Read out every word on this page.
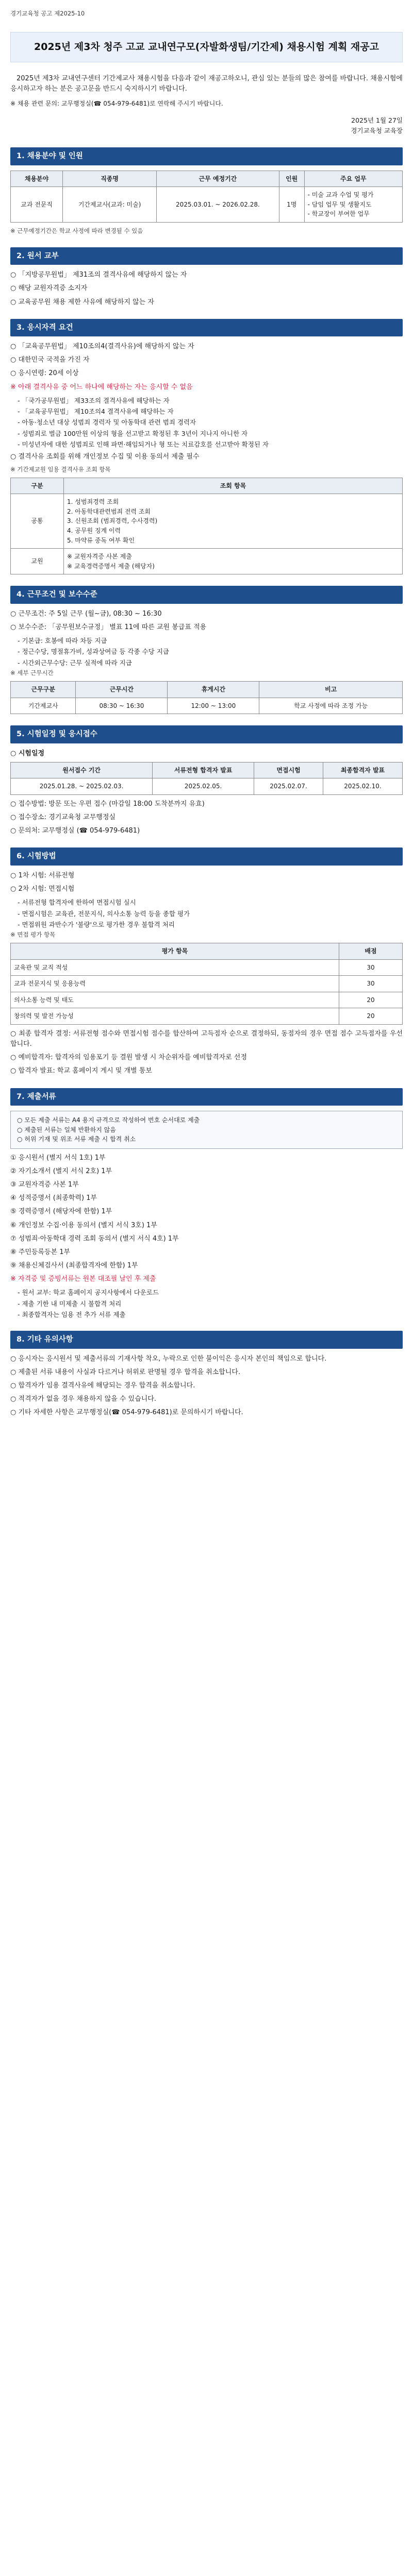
경기교육청 공고 제2025-10
2025년 제3차 청주 고교 교내연구모(자발화생팀/기간제) 채용시험 계획 재공고

2025년 제3차 교내연구센터 기간제교사 채용시험을 다음과 같이 재공고하오니, 관심 있는 분들의 많은 참여를 바랍니다. 채용시험에 응시하고자 하는 분은 공고문을 반드시 숙지하시기 바랍니다.

※ 채용 관련 문의: 교무행정실(☎ 054-979-6481)로 연락해 주시기 바랍니다.

2025년 1월 27일
경기교육청 교육장
1. 채용분야 및 인원
채용분야	직종명	근무 예정기간	인원	주요 업무
교과 전문직	기간제교사(교과: 미술)	2025.03.01. ~ 2026.02.28.	1명	- 미술 교과 수업 및 평가
- 담임 업무 및 생활지도
- 학교장이 부여한 업무
※ 근무예정기간은 학교 사정에 따라 변경될 수 있음
2. 원서 교부
○ 「지방공무원법」 제31조의 결격사유에 해당하지 않는 자
○ 해당 교원자격증 소지자
○ 교육공무원 채용 제한 사유에 해당하지 않는 자
3. 응시자격 요건
○ 「교육공무원법」 제10조의4(결격사유)에 해당하지 않는 자
○ 대한민국 국적을 가진 자
○ 응시연령: 20세 이상
※ 아래 결격사유 중 어느 하나에 해당하는 자는 응시할 수 없음
- 「국가공무원법」 제33조의 결격사유에 해당하는 자
- 「교육공무원법」 제10조의4 결격사유에 해당하는 자
- 아동·청소년 대상 성범죄 경력자 및 아동학대 관련 범죄 경력자
- 성범죄로 벌금 100만원 이상의 형을 선고받고 확정된 후 3년이 지나지 아니한 자
- 미성년자에 대한 성범죄로 인해 파면·해임되거나 형 또는 치료감호를 선고받아 확정된 자
○ 결격사유 조회를 위해 개인정보 수집 및 이용 동의서 제출 필수
※ 기간제교원 임용 결격사유 조회 항목
구분	조회 항목
공통	1. 성범죄경력 조회
2. 아동학대관련범죄 전력 조회
3. 신원조회 (범죄경력, 수사경력)
4. 공무원 징계 이력
5. 마약류 중독 여부 확인
교원	※ 교원자격증 사본 제출
※ 교육경력증명서 제출 (해당자)
4. 근무조건 및 보수수준
○ 근무조건: 주 5일 근무 (월~금), 08:30 ~ 16:30
○ 보수수준: 「공무원보수규정」 별표 11에 따른 교원 봉급표 적용
- 기본급: 호봉에 따라 차등 지급
- 정근수당, 명절휴가비, 성과상여금 등 각종 수당 지급
- 시간외근무수당: 근무 실적에 따라 지급
※ 세부 근무시간
근무구분	근무시간	휴게시간	비고
기간제교사	08:30 ~ 16:30	12:00 ~ 13:00	학교 사정에 따라 조정 가능
5. 시험일정 및 응시접수
○ 시험일정
원서접수 기간	서류전형 합격자 발표	면접시험	최종합격자 발표
2025.01.28. ~ 2025.02.03.	2025.02.05.	2025.02.07.	2025.02.10.
○ 접수방법: 방문 또는 우편 접수 (마감일 18:00 도착분까지 유효)
○ 접수장소: 경기교육청 교무행정실
○ 문의처: 교무행정실 (☎ 054-979-6481)
6. 시험방법
○ 1차 시험: 서류전형
○ 2차 시험: 면접시험
- 서류전형 합격자에 한하여 면접시험 실시
- 면접시험은 교육관, 전문지식, 의사소통 능력 등을 종합 평가
- 면접위원 과반수가 '불량'으로 평가한 경우 불합격 처리
※ 면접 평가 항목
평가 항목	배점
교육관 및 교직 적성	30
교과 전문지식 및 응용능력	30
의사소통 능력 및 태도	20
창의력 및 발전 가능성	20
○ 최종 합격자 결정: 서류전형 점수와 면접시험 점수를 합산하여 고득점자 순으로 결정하되, 동점자의 경우 면접 점수 고득점자를 우선합니다.
○ 예비합격자: 합격자의 임용포기 등 결원 발생 시 차순위자를 예비합격자로 선정
○ 합격자 발표: 학교 홈페이지 게시 및 개별 통보
7. 제출서류
○ 모든 제출 서류는 A4 용지 규격으로 작성하여 번호 순서대로 제출
○ 제출된 서류는 일체 반환하지 않음
○ 허위 기재 및 위조 서류 제출 시 합격 취소
① 응시원서 (별지 서식 1호) 1부
② 자기소개서 (별지 서식 2호) 1부
③ 교원자격증 사본 1부
④ 성적증명서 (최종학력) 1부
⑤ 경력증명서 (해당자에 한함) 1부
⑥ 개인정보 수집·이용 동의서 (별지 서식 3호) 1부
⑦ 성범죄·아동학대 경력 조회 동의서 (별지 서식 4호) 1부
⑧ 주민등록등본 1부
⑨ 채용신체검사서 (최종합격자에 한함) 1부
※ 자격증 및 증빙서류는 원본 대조필 날인 후 제출
- 원서 교부: 학교 홈페이지 공지사항에서 다운로드
- 제출 기한 내 미제출 시 불합격 처리
- 최종합격자는 임용 전 추가 서류 제출
8. 기타 유의사항
○ 응시자는 응시원서 및 제출서류의 기재사항 착오, 누락으로 인한 불이익은 응시자 본인의 책임으로 합니다.
○ 제출된 서류 내용이 사실과 다르거나 허위로 판명될 경우 합격을 취소합니다.
○ 합격자가 임용 결격사유에 해당되는 경우 합격을 취소합니다.
○ 적격자가 없을 경우 채용하지 않을 수 있습니다.
○ 기타 자세한 사항은 교무행정실(☎ 054-979-6481)로 문의하시기 바랍니다.
